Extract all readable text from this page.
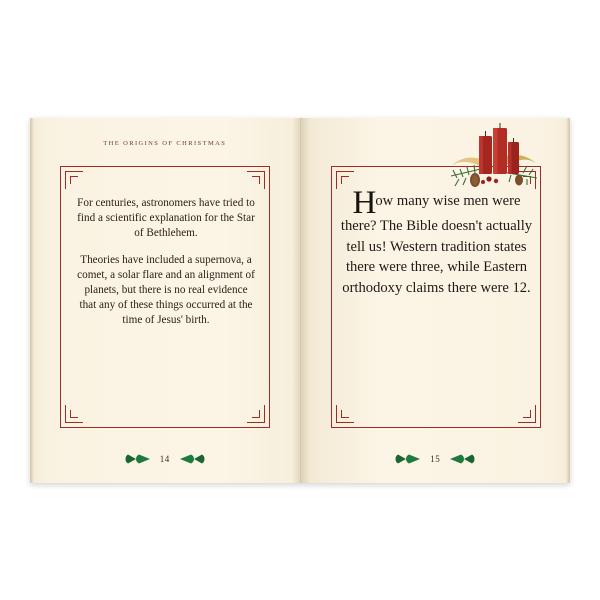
THE ORIGINS OF CHRISTMAS

For centuries, astronomers have tried to find a scientific explanation for the Star of Bethlehem.

Theories have included a supernova, a comet, a solar flare and an alignment of planets, but there is no real evidence that any of these things occurred at the time of Jesus' birth.

14
How many wise men were there? The Bible doesn't actually tell us! Western tradition states there were three, while Eastern orthodoxy claims there were 12.
15
